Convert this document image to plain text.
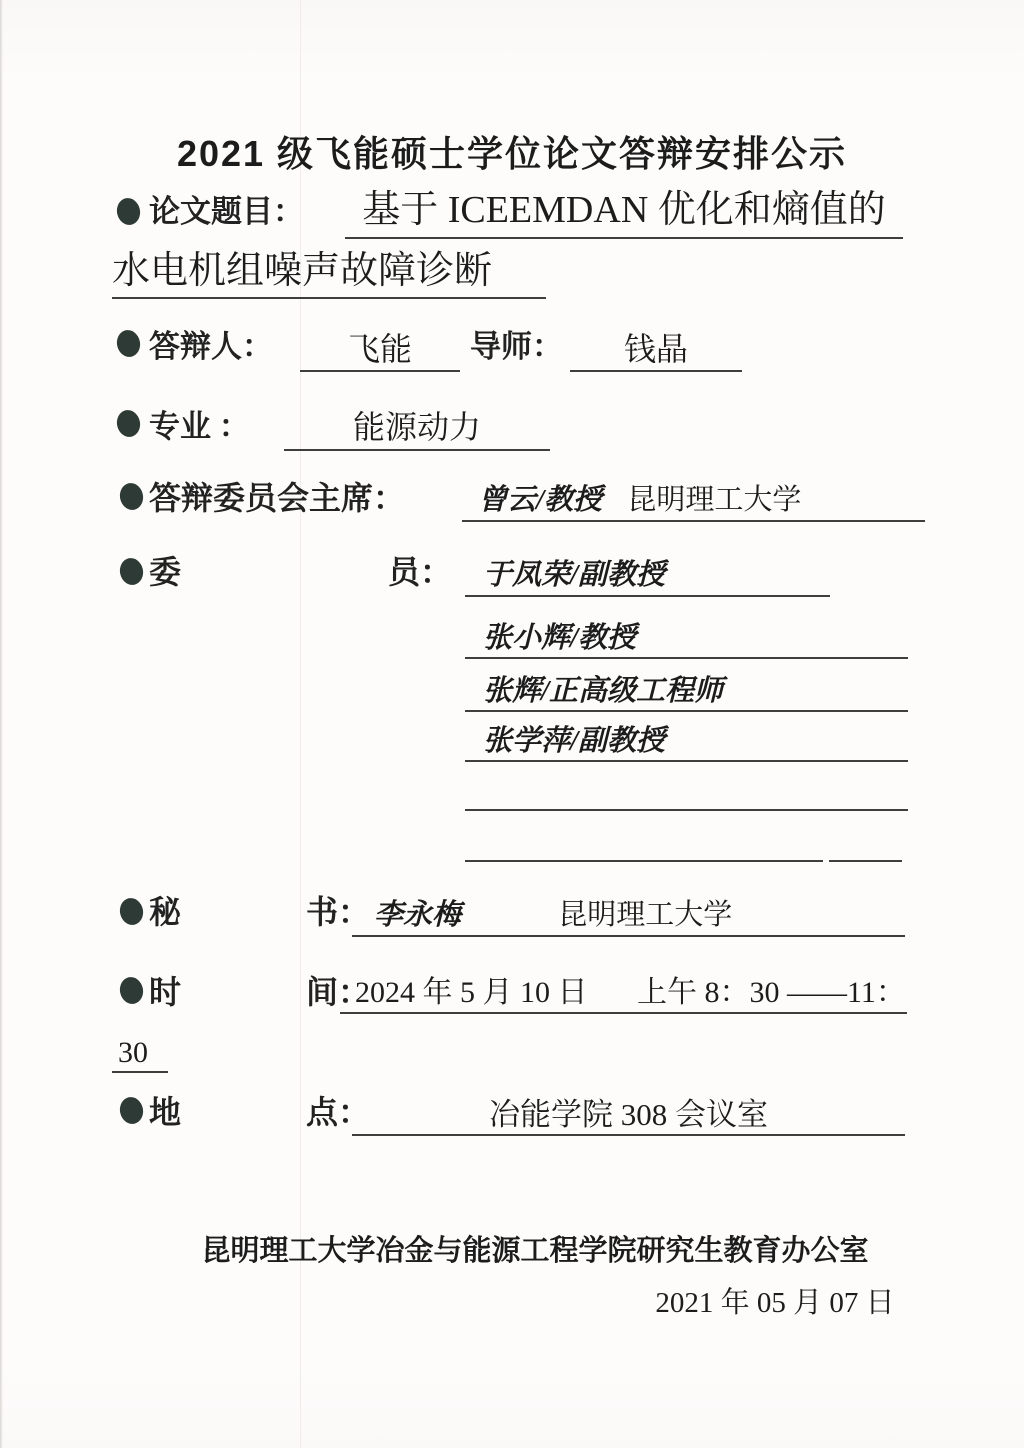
2021 级飞能硕士学位论文答辩安排公示
论文题目：	基于 ICEEMDAN 优化和熵值的
水电机组噪声故障诊断
答辩人：	飞能	导师：	钱晶
专业 ：	能源动力
答辩委员会主席：	曾云/教授 昆明理工大学
委	员：	于凤荣/副教授
张小辉/教授
张辉/正高级工程师
张学萍/副教授
秘	书： 李永梅	昆明理工大学
时	间：
2024 年 5 月 10 日 上午 8：30 ——11：
30
地	点：	冶能学院 308 会议室
昆明理工大学冶金与能源工程学院研究生教育办公室
2021 年 05 月 07 日
